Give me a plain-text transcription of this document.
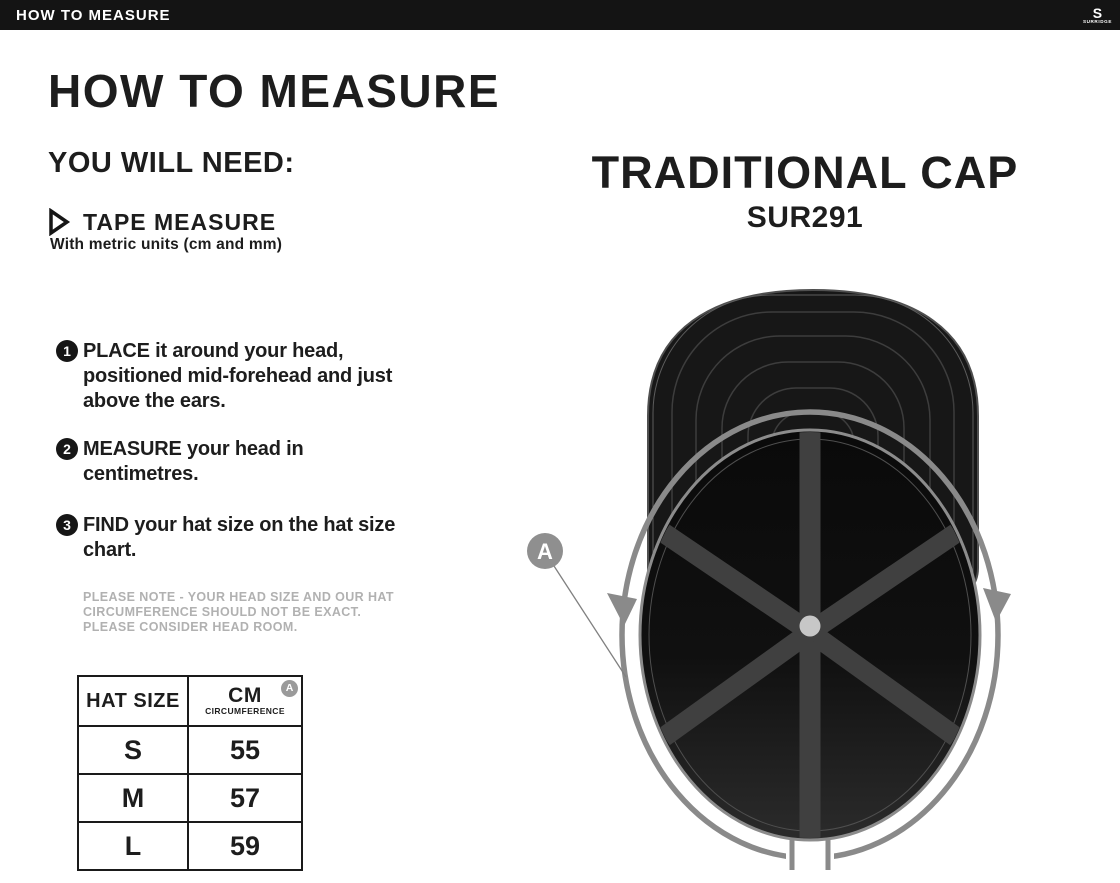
HOW TO MEASURE	S
SURRIDGE
HOW TO MEASURE
YOU WILL NEED:
TAPE MEASURE
With metric units (cm and mm)
1 PLACE it around your head, positioned mid-forehead and just above the ears.
2 MEASURE your head in centimetres.
3 FIND your hat size on the hat size chart.
PLEASE NOTE - YOUR HEAD SIZE AND OUR HAT
CIRCUMFERENCE SHOULD NOT BE EXACT.
PLEASE CONSIDER HEAD ROOM.
HAT SIZE	CM
CIRCUMFERENCE
A

S	55
M	57
L	59
TRADITIONAL CAP
SUR291
A
